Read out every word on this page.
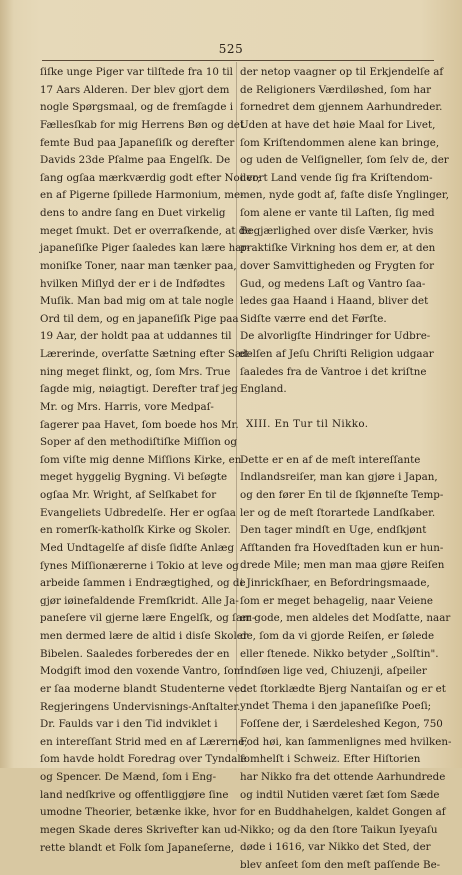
525
ſiſke unge Piger var tilſtede fra 10 til
17 Aars Alderen. Der blev gjort dem
nogle Spørgsmaal, og de fremſagde i
Fællesſkab for mig Herrens Bøn og det
femte Bud paa Japaneſiſk og derefter
Davids 23de Pſalme paa Engelſk. De
ſang ogſaa mærkværdig godt efter Noder;
en af Pigerne ſpillede Harmonium, me-
dens to andre ſang en Duet virkelig
meget ſmukt. Det er overraſkende, at de
japaneſiſke Piger ſaaledes kan lære har-
moniſke Toner, naar man tænker paa,
hvilken Miſlyd der er i de Indfødtes
Muſik. Man bad mig om at tale nogle
Ord til dem, og en japaneſiſk Pige paa
19 Aar, der holdt paa at uddannes til
Lærerinde, overſatte Sætning efter Sæt-
ning meget flinkt, og, ſom Mrs. True
ſagde mig, nøiagtigt. Derefter traf jeg
Mr. og Mrs. Harris, vore Medpaſ-
ſagerer paa Havet, ſom boede hos Mr.
Soper af den methodiſtiſke Miſſion og
ſom viſte mig denne Miſſions Kirke, en
meget hyggelig Bygning. Vi beſøgte
ogſaa Mr. Wright, af Selſkabet for
Evangeliets Udbredelſe. Her er ogſaa
en romerſk-katholſk Kirke og Skoler.
Med Undtagelſe af disſe ſidſte Anlæg
ſynes Miſſionærerne i Tokio at leve og
arbeide ſammen i Endrægtighed, og de
gjør iøinefaldende Fremſkridt. Alle Ja-
paneſere vil gjerne lære Engelſk, og ſam-
men dermed lære de altid i disſe Skoler
Bibelen. Saaledes forberedes der en
Modgift imod den voxende Vantro, ſom
er ſaa moderne blandt Studenterne ved
Regjeringens Undervisnings-Anſtalter.
Dr. Faulds var i den Tid indviklet i
en intereſſant Strid med en af Lærerne,
ſom havde holdt Foredrag over Tyndale
og Spencer. De Mænd, ſom i Eng-
land nedſkrive og offentliggjøre ſine
umodne Theorier, betænke ikke, hvor
megen Skade deres Skrivefter kan ud-
rette blandt et Folk ſom Japaneſerne,
der netop vaagner op til Erkjendelſe af
de Religioners Værdiløshed, ſom har
fornedret dem gjennem Aarhundreder.
Uden at have det høie Maal for Livet,
ſom Kriſtendommen alene kan bringe,
og uden de Velſigneller, ſom ſelv de, der
i vort Land vende ſig fra Kriſtendom-
men, nyde godt af, faſte disſe Ynglinger,
ſom alene er vante til Laſten, ſig med
Begjærlighed over disſe Værker, hvis
praktiſke Virkning hos dem er, at den
dover Samvittigheden og Frygten for
Gud, og medens Laſt og Vantro ſaa-
ledes gaa Haand i Haand, bliver det
Sidſte værre end det Førſte.
De alvorligſte Hindringer for Udbre-
delſen af Jeſu Chriſti Religion udgaar
ſaaledes fra de Vantroe i det kriſtne
England.
XIII. En Tur til Nikko.
Dette er en af de meſt intereſſante
Indlandsreiſer, man kan gjøre i Japan,
og den fører En til de ſkjønneſte Temp-
ler og de meſt ſtorartede Landſkaber.
Den tager mindſt en Uge, endſkjønt
Afſtanden fra Hovedſtaden kun er hun-
drede Mile; men man maa gjøre Reiſen
i Jinrickſhaer, en Befordringsmaade,
ſom er meget behagelig, naar Veiene
er gode, men aldeles det Modſatte, naar
de, ſom da vi gjorde Reiſen, er ſølede
eller ſtenede. Nikko betyder „Solſtin".
Indſøen lige ved, Chiuzenji, aſpeiler
det ſtorklædte Bjerg Nantaiſan og er et
yndet Thema i den japaneſiſke Poeſi;
Foſſene der, i Særdeleshed Kegon, 750
Fod høi, kan ſammenlignes med hvilken-
ſomhelſt i Schweiz. Efter Hiſtorien
har Nikko fra det ottende Aarhundrede
og indtil Nutiden været ſæt ſom Sæde
for en Buddhahelgen, kaldet Gongen af
Nikko; og da den ſtore Taikun Iyeyaſu
døde i 1616, var Nikko det Sted, der
blev anſeet ſom den meſt paſſende Be-
